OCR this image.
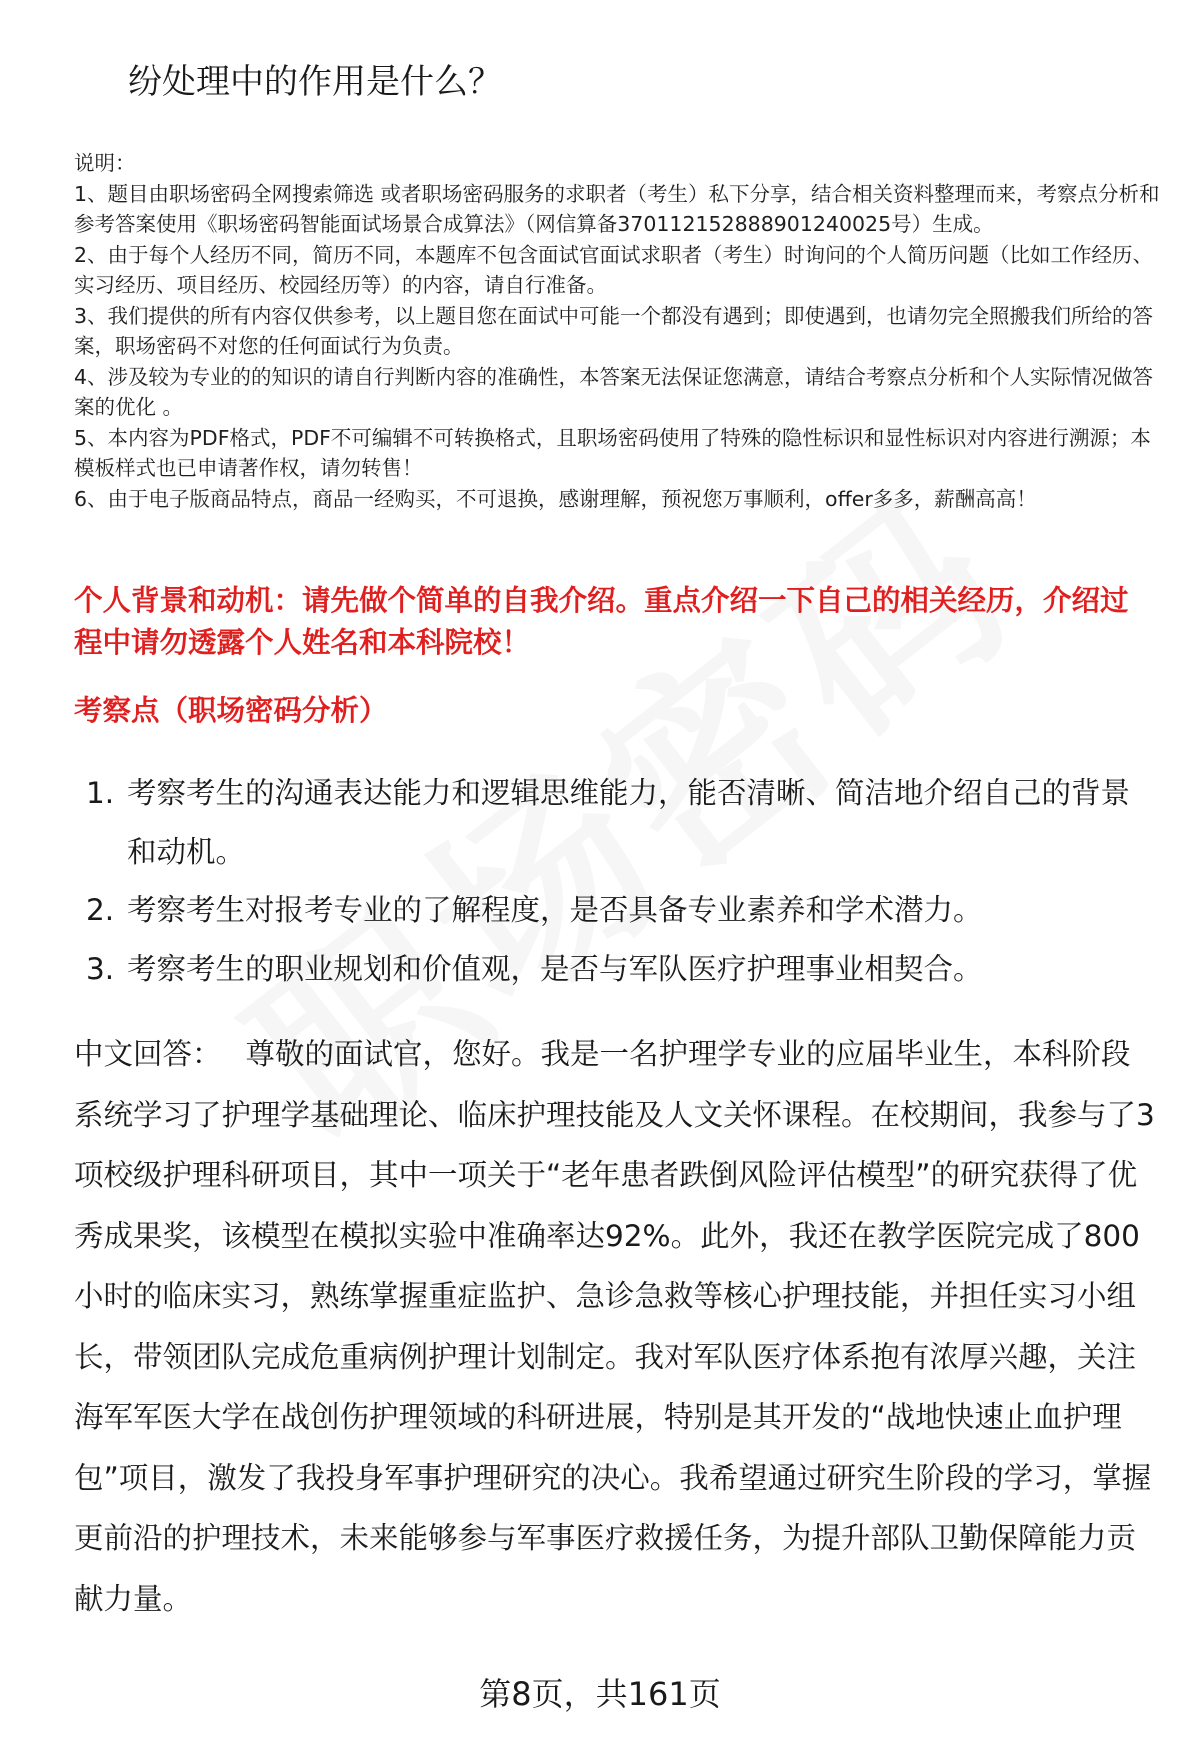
纷处理中的作用是什么？

说明：

1、题目由职场密码全网搜索筛选 或者职场密码服务的求职者（考生）私下分享，结合相关资料整理而来，考察点分析和参考答案使用《职场密码智能面试场景合成算法》（网信算备370112152888901240025号）生成。

2、由于每个人经历不同，简历不同，本题库不包含面试官面试求职者（考生）时询问的个人简历问题（比如工作经历、实习经历、项目经历、校园经历等）的内容，请自行准备。

3、我们提供的所有内容仅供参考，以上题目您在面试中可能一个都没有遇到；即使遇到，也请勿完全照搬我们所给的答案，职场密码不对您的任何面试行为负责。

4、涉及较为专业的的知识的请自行判断内容的准确性，本答案无法保证您满意，请结合考察点分析和个人实际情况做答案的优化 。

5、本内容为PDF格式，PDF不可编辑不可转换格式，且职场密码使用了特殊的隐性标识和显性标识对内容进行溯源；本模板样式也已申请著作权，请勿转售！

6、由于电子版商品特点，商品一经购买，不可退换，感谢理解，预祝您万事顺利，offer多多，薪酬高高！

个人背景和动机：请先做个简单的自我介绍。重点介绍一下自己的相关经历，介绍过程中请勿透露个人姓名和本科院校！
考察点（职场密码分析）
1. 考察考生的沟通表达能力和逻辑思维能力，能否清晰、简洁地介绍自己的背景和动机。
2. 考察考生对报考专业的了解程度，是否具备专业素养和学术潜力。
3. 考察考生的职业规划和价值观，是否与军队医疗护理事业相契合。

中文回答： 尊敬的面试官，您好。我是一名护理学专业的应届毕业生，本科阶段系统学习了护理学基础理论、临床护理技能及人文关怀课程。在校期间，我参与了3项校级护理科研项目，其中一项关于“老年患者跌倒风险评估模型”的研究获得了优秀成果奖，该模型在模拟实验中准确率达92%。此外，我还在教学医院完成了800小时的临床实习，熟练掌握重症监护、急诊急救等核心护理技能，并担任实习小组长，带领团队完成危重病例护理计划制定。我对军队医疗体系抱有浓厚兴趣，关注海军军医大学在战创伤护理领域的科研进展，特别是其开发的“战地快速止血护理包”项目，激发了我投身军事护理研究的决心。我希望通过研究生阶段的学习，掌握更前沿的护理技术，未来能够参与军事医疗救援任务，为提升部队卫勤保障能力贡献力量。

第8页，共161页
